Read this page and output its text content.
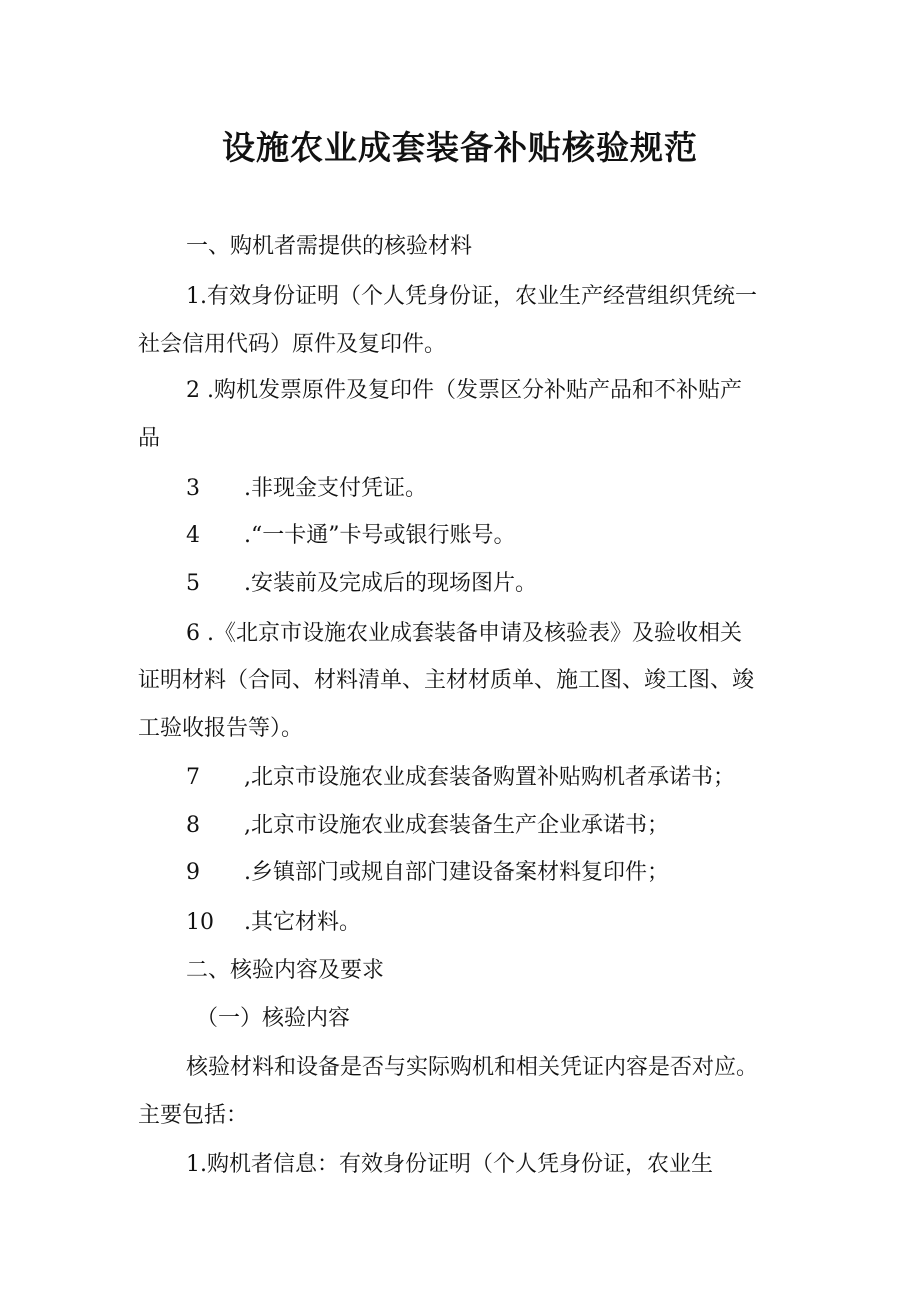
设施农业成套装备补贴核验规范
一、购机者需提供的核验材料
1.有效身份证明（个人凭身份证，农业生产经营组织凭统一
社会信用代码）原件及复印件。
2 .购机发票原件及复印件（发票区分补贴产品和不补贴产
品
3 .非现金支付凭证。
4 .“一卡通”卡号或银行账号。
5 .安装前及完成后的现场图片。
6 .《北京市设施农业成套装备申请及核验表》及验收相关
证明材料（合同、材料清单、主材材质单、施工图、竣工图、竣
工验收报告等）。
7 ,北京市设施农业成套装备购置补贴购机者承诺书；
8 ,北京市设施农业成套装备生产企业承诺书；
9 .乡镇部门或规自部门建设备案材料复印件；
10 .其它材料。
二、核验内容及要求
（一）核验内容
核验材料和设备是否与实际购机和相关凭证内容是否对应。
主要包括：
1.购机者信息：有效身份证明（个人凭身份证，农业生
